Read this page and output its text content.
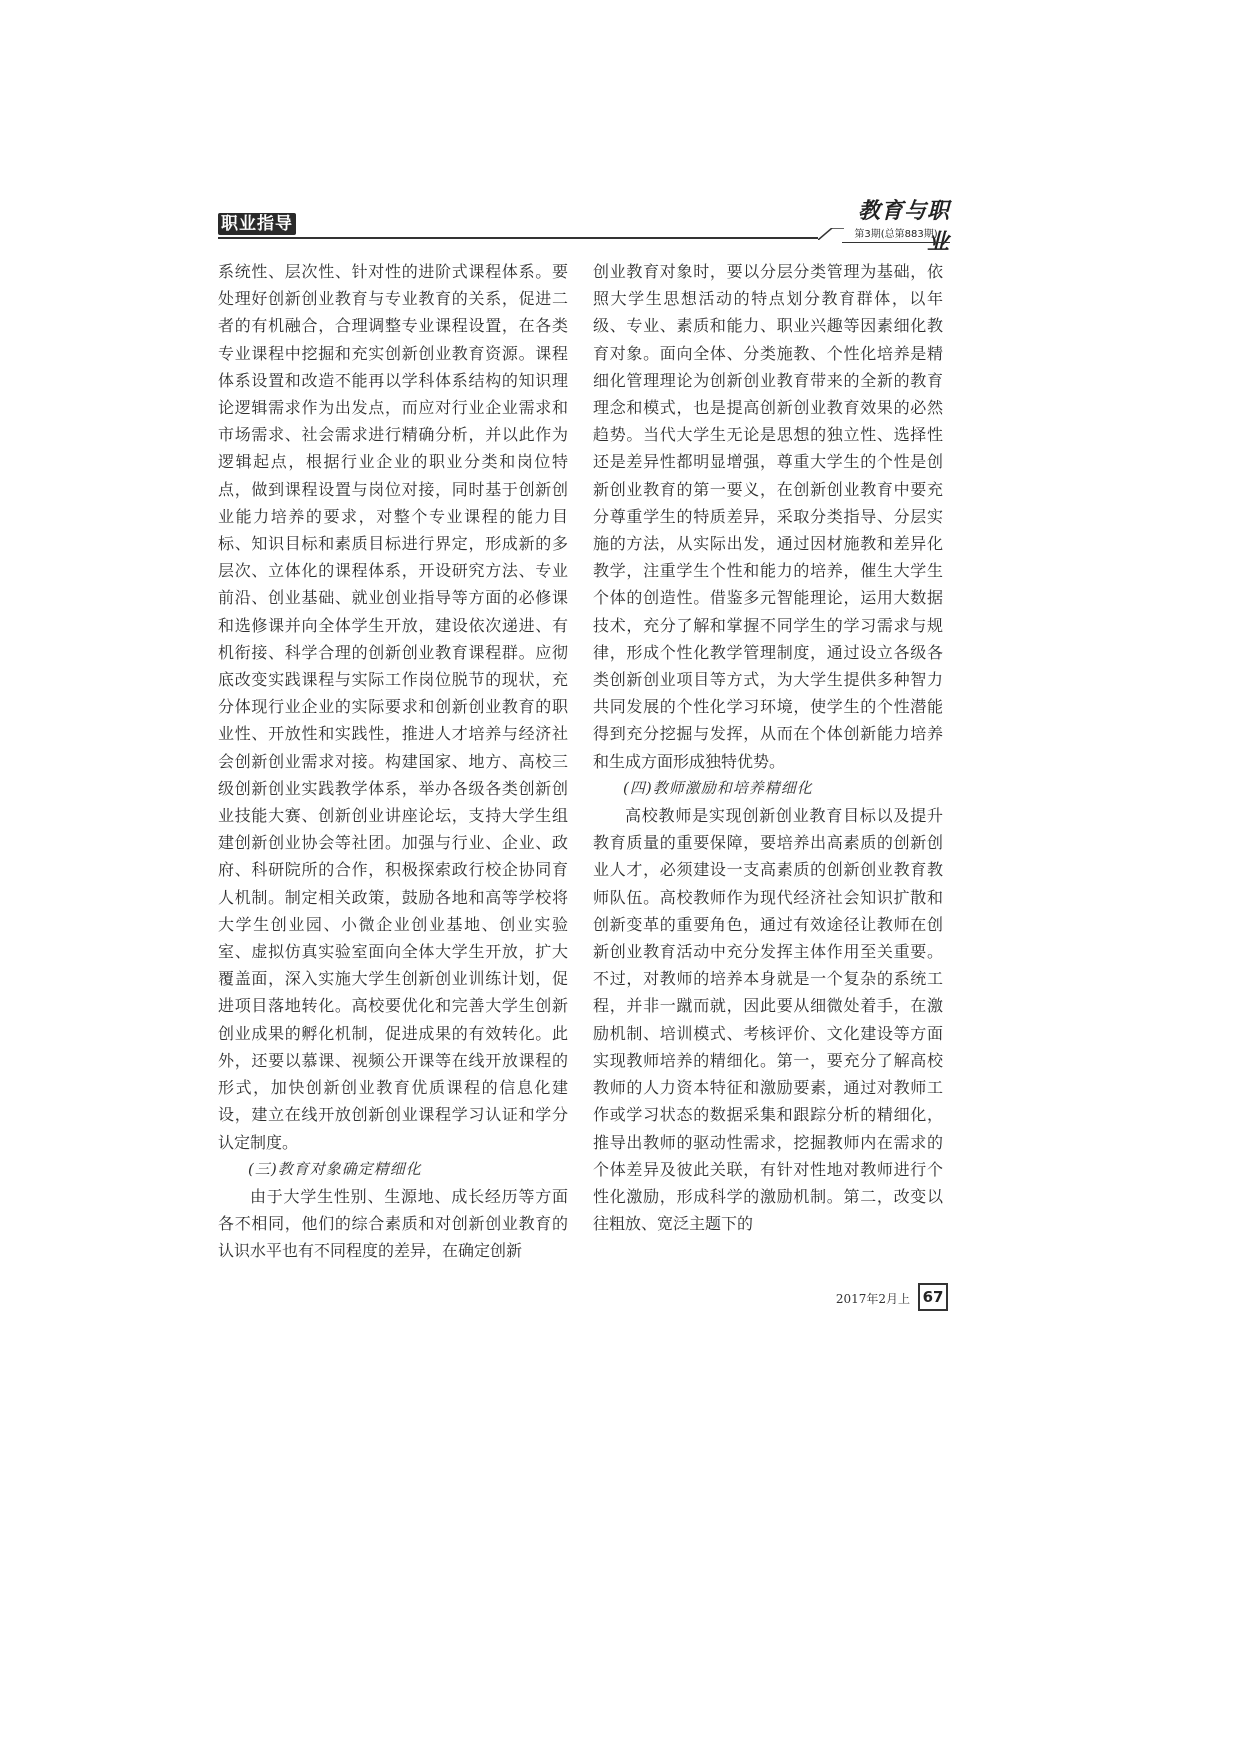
职业指导	教育与职业
第3期(总第883期)

系统性、层次性、针对性的进阶式课程体系。要处理好创新创业教育与专业教育的关系，促进二者的有机融合，合理调整专业课程设置，在各类专业课程中挖掘和充实创新创业教育资源。课程体系设置和改造不能再以学科体系结构的知识理论逻辑需求作为出发点，而应对行业企业需求和市场需求、社会需求进行精确分析，并以此作为逻辑起点，根据行业企业的职业分类和岗位特点，做到课程设置与岗位对接，同时基于创新创业能力培养的要求，对整个专业课程的能力目标、知识目标和素质目标进行界定，形成新的多层次、立体化的课程体系，开设研究方法、专业前沿、创业基础、就业创业指导等方面的必修课和选修课并向全体学生开放，建设依次递进、有机衔接、科学合理的创新创业教育课程群。应彻底改变实践课程与实际工作岗位脱节的现状，充分体现行业企业的实际要求和创新创业教育的职业性、开放性和实践性，推进人才培养与经济社会创新创业需求对接。构建国家、地方、高校三级创新创业实践教学体系，举办各级各类创新创业技能大赛、创新创业讲座论坛，支持大学生组建创新创业协会等社团。加强与行业、企业、政府、科研院所的合作，积极探索政行校企协同育人机制。制定相关政策，鼓励各地和高等学校将大学生创业园、小微企业创业基地、创业实验室、虚拟仿真实验室面向全体大学生开放，扩大覆盖面，深入实施大学生创新创业训练计划，促进项目落地转化。高校要优化和完善大学生创新创业成果的孵化机制，促进成果的有效转化。此外，还要以慕课、视频公开课等在线开放课程的形式，加快创新创业教育优质课程的信息化建设，建立在线开放创新创业课程学习认证和学分认定制度。

(三)教育对象确定精细化

由于大学生性别、生源地、成长经历等方面各不相同，他们的综合素质和对创新创业教育的认识水平也有不同程度的差异，在确定创新

创业教育对象时，要以分层分类管理为基础，依照大学生思想活动的特点划分教育群体，以年级、专业、素质和能力、职业兴趣等因素细化教育对象。面向全体、分类施教、个性化培养是精细化管理理论为创新创业教育带来的全新的教育理念和模式，也是提高创新创业教育效果的必然趋势。当代大学生无论是思想的独立性、选择性还是差异性都明显增强，尊重大学生的个性是创新创业教育的第一要义，在创新创业教育中要充分尊重学生的特质差异，采取分类指导、分层实施的方法，从实际出发，通过因材施教和差异化教学，注重学生个性和能力的培养，催生大学生个体的创造性。借鉴多元智能理论，运用大数据技术，充分了解和掌握不同学生的学习需求与规律，形成个性化教学管理制度，通过设立各级各类创新创业项目等方式，为大学生提供多种智力共同发展的个性化学习环境，使学生的个性潜能得到充分挖掘与发挥，从而在个体创新能力培养和生成方面形成独特优势。

(四)教师激励和培养精细化

高校教师是实现创新创业教育目标以及提升教育质量的重要保障，要培养出高素质的创新创业人才，必须建设一支高素质的创新创业教育教师队伍。高校教师作为现代经济社会知识扩散和创新变革的重要角色，通过有效途径让教师在创新创业教育活动中充分发挥主体作用至关重要。不过，对教师的培养本身就是一个复杂的系统工程，并非一蹴而就，因此要从细微处着手，在激励机制、培训模式、考核评价、文化建设等方面实现教师培养的精细化。第一，要充分了解高校教师的人力资本特征和激励要素，通过对教师工作或学习状态的数据采集和跟踪分析的精细化，推导出教师的驱动性需求，挖掘教师内在需求的个体差异及彼此关联，有针对性地对教师进行个性化激励，形成科学的激励机制。第二，改变以往粗放、宽泛主题下的

2017年2月上 67
